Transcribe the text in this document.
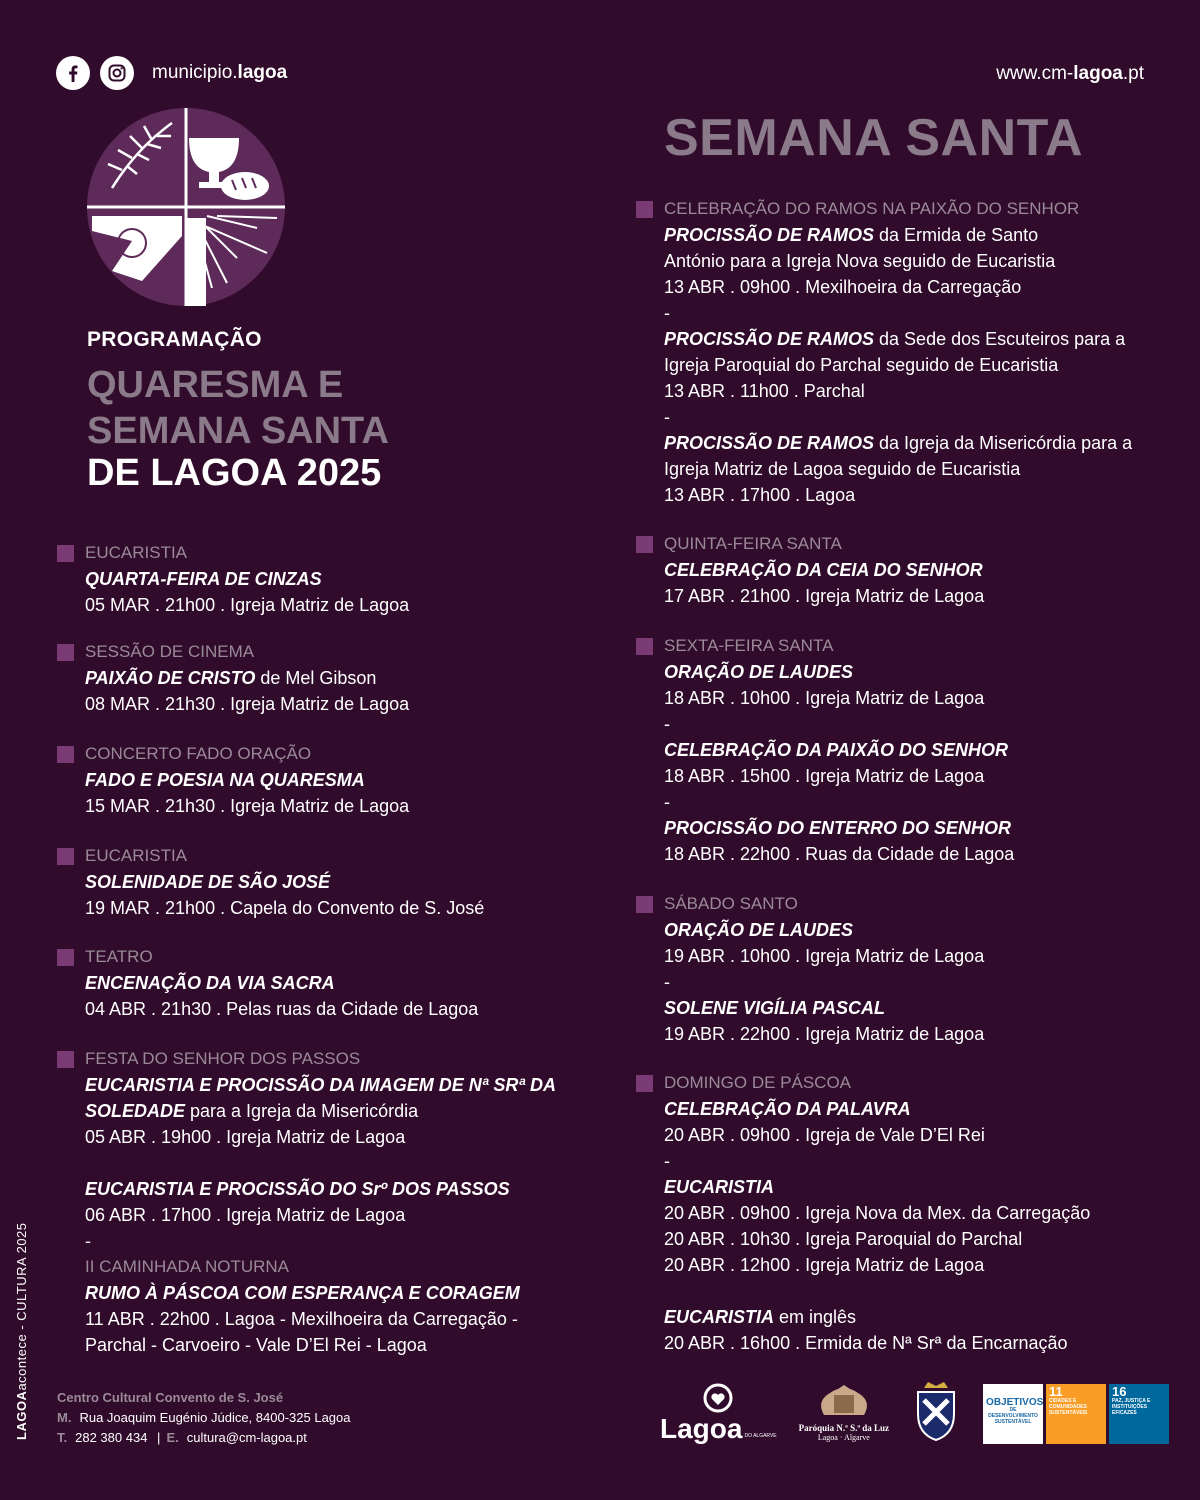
municipio.lagoa	www.cm-lagoa.pt
PROGRAMAÇÃO
QUARESMA E
SEMANA SANTA
DE LAGOA 2025
EUCARISTIA
QUARTA-FEIRA DE CINZAS
05 MAR . 21h00 . Igreja Matriz de Lagoa
SESSÃO DE CINEMA
PAIXÃO DE CRISTO de Mel Gibson
08 MAR . 21h30 . Igreja Matriz de Lagoa
CONCERTO FADO ORAÇÃO
FADO E POESIA NA QUARESMA
15 MAR . 21h30 . Igreja Matriz de Lagoa
EUCARISTIA
SOLENIDADE DE SÃO JOSÉ
19 MAR . 21h00 . Capela do Convento de S. José
TEATRO
ENCENAÇÃO DA VIA SACRA
04 ABR . 21h30 . Pelas ruas da Cidade de Lagoa
FESTA DO SENHOR DOS PASSOS
EUCARISTIA E PROCISSÃO DA IMAGEM DE Nª SRª DA
SOLEDADE para a Igreja da Misericórdia
05 ABR . 19h00 . Igreja Matriz de Lagoa

EUCARISTIA E PROCISSÃO DO Srº DOS PASSOS
06 ABR . 17h00 . Igreja Matriz de Lagoa
-
II CAMINHADA NOTURNA
RUMO À PÁSCOA COM ESPERANÇA E CORAGEM
11 ABR . 22h00 . Lagoa - Mexilhoeira da Carregação -
Parchal - Carvoeiro - Vale D’El Rei - Lagoa
SEMANA SANTA
CELEBRAÇÃO DO RAMOS NA PAIXÃO DO SENHOR
PROCISSÃO DE RAMOS da Ermida de Santo
António para a Igreja Nova seguido de Eucaristia
13 ABR . 09h00 . Mexilhoeira da Carregação
-
PROCISSÃO DE RAMOS da Sede dos Escuteiros para a
Igreja Paroquial do Parchal seguido de Eucaristia
13 ABR . 11h00 . Parchal
-
PROCISSÃO DE RAMOS da Igreja da Misericórdia para a
Igreja Matriz de Lagoa seguido de Eucaristia
13 ABR . 17h00 . Lagoa
QUINTA-FEIRA SANTA
CELEBRAÇÃO DA CEIA DO SENHOR
17 ABR . 21h00 . Igreja Matriz de Lagoa
SEXTA-FEIRA SANTA
ORAÇÃO DE LAUDES
18 ABR . 10h00 . Igreja Matriz de Lagoa
-
CELEBRAÇÃO DA PAIXÃO DO SENHOR
18 ABR . 15h00 . Igreja Matriz de Lagoa
-
PROCISSÃO DO ENTERRO DO SENHOR
18 ABR . 22h00 . Ruas da Cidade de Lagoa
SÁBADO SANTO
ORAÇÃO DE LAUDES
19 ABR . 10h00 . Igreja Matriz de Lagoa
-
SOLENE VIGÍLIA PASCAL
19 ABR . 22h00 . Igreja Matriz de Lagoa
DOMINGO DE PÁSCOA
CELEBRAÇÃO DA PALAVRA
20 ABR . 09h00 . Igreja de Vale D’El Rei
-
EUCARISTIA
20 ABR . 09h00 . Igreja Nova da Mex. da Carregação
20 ABR . 10h30 . Igreja Paroquial do Parchal
20 ABR . 12h00 . Igreja Matriz de Lagoa

EUCARISTIA em inglês
20 ABR . 16h00 . Ermida de Nª Srª da Encarnação
LAGOAacontece - CULTURA 2025
Centro Cultural Convento de S. José
M. Rua Joaquim Eugénio Júdice, 8400-325 Lagoa
T. 282 380 434 | E. cultura@cm-lagoa.pt	Lagoa DO ALGARVE
Paróquia N.ª S.ª da Luz
Lagoa · Algarve
OBJETIVOS
DE DESENVOLVIMENTO SUSTENTÁVEL
11
CIDADES E COMUNIDADES SUSTENTÁVEIS
16
PAZ, JUSTIÇA E INSTITUIÇÕES EFICAZES
